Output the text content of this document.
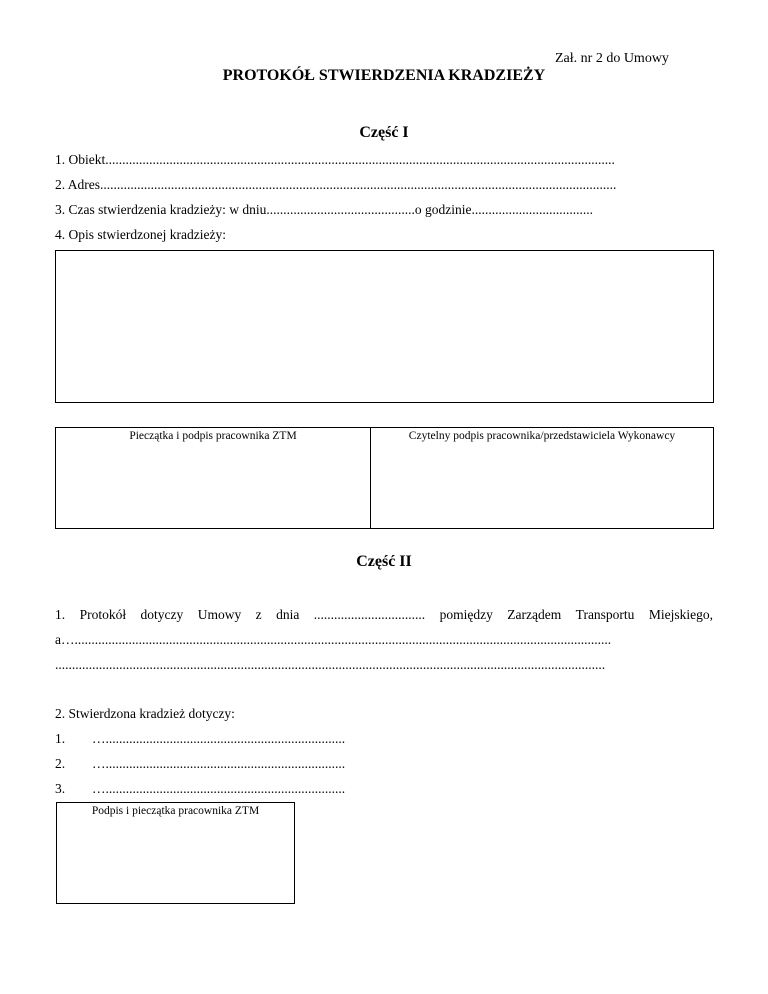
Zał. nr 2 do Umowy
PROTOKÓŁ STWIERDZENIA KRADZIEŻY
Część I
1. Obiekt.......................................................................................................................................................
2. Adres.........................................................................................................................................................
3. Czas stwierdzenia kradzieży: w dniu............................................o godzinie....................................
4. Opis stwierdzonej kradzieży:
Pieczątka i podpis pracownika ZTM	Czytelny podpis pracownika/przedstawiciela Wykonawcy
Część II
1. Protokół dotyczy Umowy z dnia ................................. pomiędzy Zarządem Transportu Miejskiego,
a…...............................................................................................................................................................
...................................................................................................................................................................
2. Stwierdzona kradzież dotyczy:
1. ….......................................................................
2. ….......................................................................
3. ….......................................................................
Podpis i pieczątka pracownika ZTM
